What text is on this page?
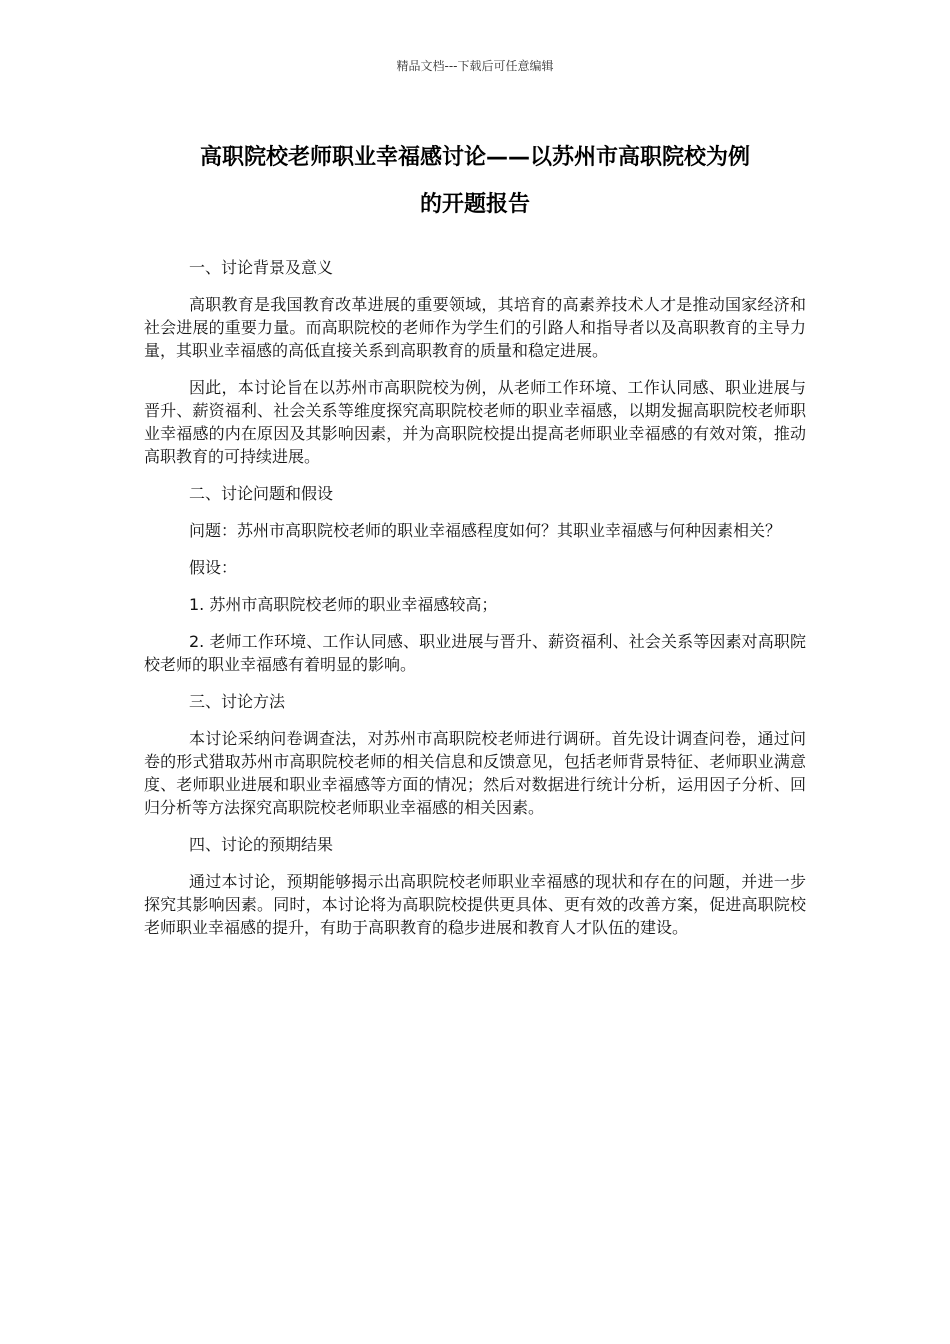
精品文档---下载后可任意编辑
高职院校老师职业幸福感讨论——以苏州市高职院校为例
的开题报告

一、讨论背景及意义

高职教育是我国教育改革进展的重要领域，其培育的高素养技术人才是推动国家经济和社会进展的重要力量。而高职院校的老师作为学生们的引路人和指导者以及高职教育的主导力量，其职业幸福感的高低直接关系到高职教育的质量和稳定进展。

因此，本讨论旨在以苏州市高职院校为例，从老师工作环境、工作认同感、职业进展与晋升、薪资福利、社会关系等维度探究高职院校老师的职业幸福感，以期发掘高职院校老师职业幸福感的内在原因及其影响因素，并为高职院校提出提高老师职业幸福感的有效对策，推动高职教育的可持续进展。

二、讨论问题和假设

问题：苏州市高职院校老师的职业幸福感程度如何？其职业幸福感与何种因素相关？

假设：

1. 苏州市高职院校老师的职业幸福感较高；

2. 老师工作环境、工作认同感、职业进展与晋升、薪资福利、社会关系等因素对高职院校老师的职业幸福感有着明显的影响。

三、讨论方法

本讨论采纳问卷调查法，对苏州市高职院校老师进行调研。首先设计调查问卷，通过问卷的形式猎取苏州市高职院校老师的相关信息和反馈意见，包括老师背景特征、老师职业满意度、老师职业进展和职业幸福感等方面的情况；然后对数据进行统计分析，运用因子分析、回归分析等方法探究高职院校老师职业幸福感的相关因素。

四、讨论的预期结果

通过本讨论，预期能够揭示出高职院校老师职业幸福感的现状和存在的问题，并进一步探究其影响因素。同时，本讨论将为高职院校提供更具体、更有效的改善方案，促进高职院校老师职业幸福感的提升，有助于高职教育的稳步进展和教育人才队伍的建设。
